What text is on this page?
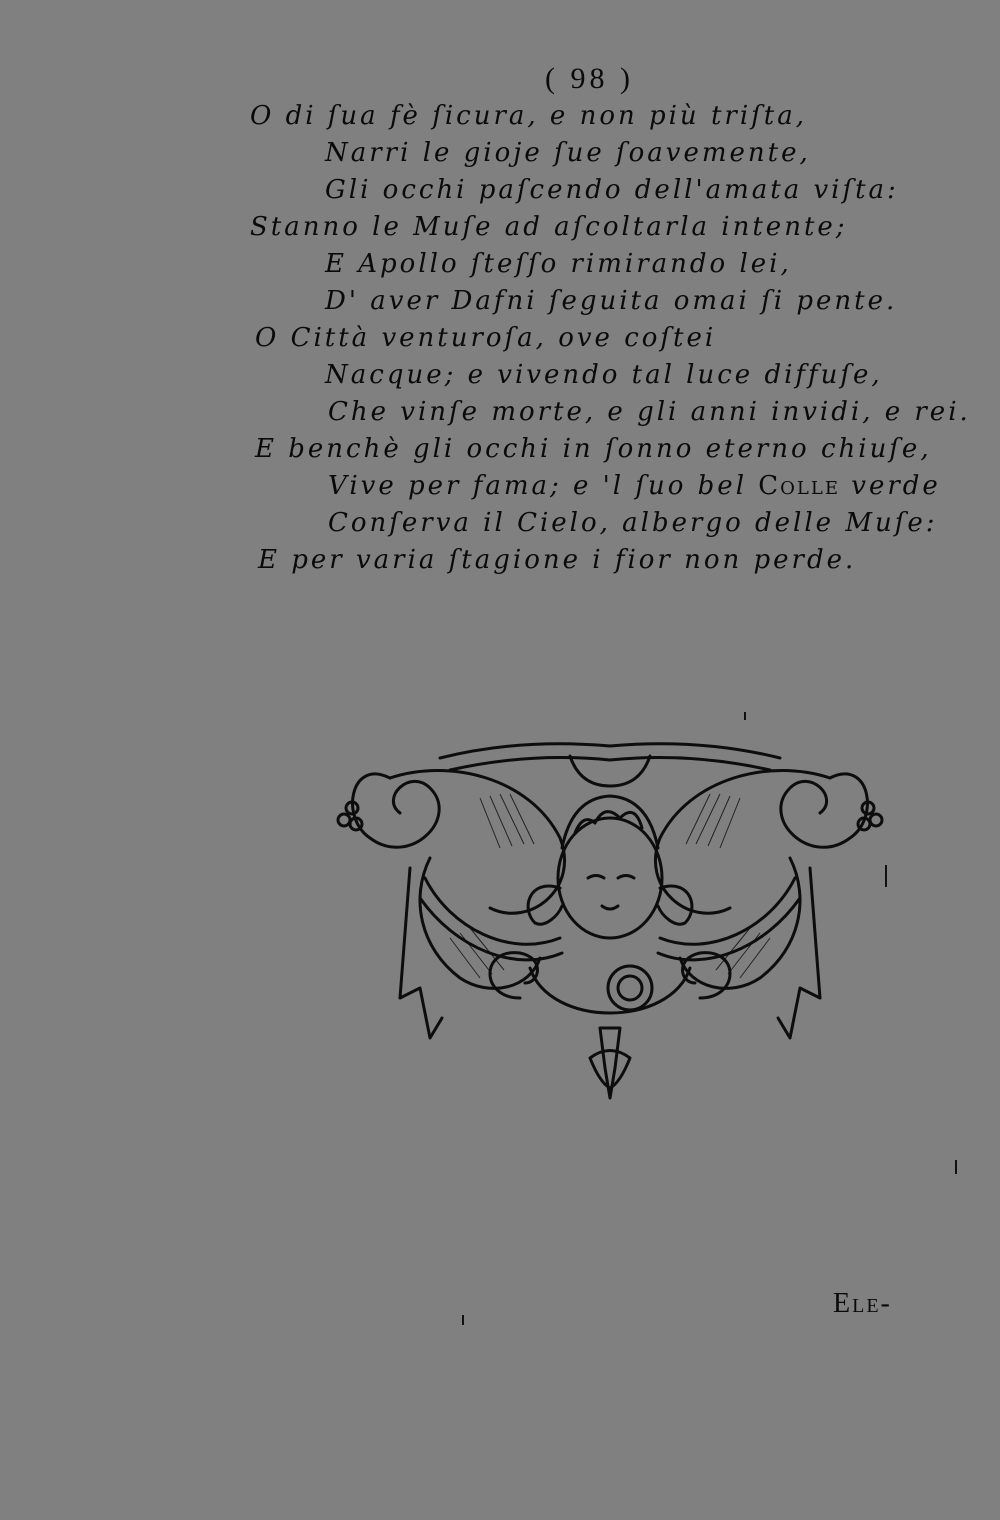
( 98 )
O di ſua fè ſicura, e non più triſta,
Narri le gioje ſue ſoavemente,
Gli occhi paſcendo dell'amata viſta:
Stanno le Muſe ad aſcoltarla intente;
E Apollo ſteſſo rimirando lei,
D' aver Dafni ſeguita omai ſi pente.
O Città venturoſa, ove coſtei
Nacque; e vivendo tal luce diffuſe,
Che vinſe morte, e gli anni invidi, e rei.
E benchè gli occhi in ſonno eterno chiuſe,
Vive per fama; e 'l ſuo bel Colle verde
Conſerva il Cielo, albergo delle Muſe:
E per varia ſtagione i fior non perde.
Ele-
